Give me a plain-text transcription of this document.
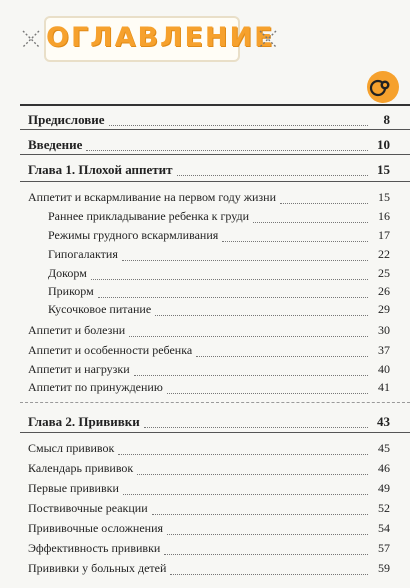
ОГЛАВЛЕНИЕ
Предисловие	8
Введение	10
Глава 1. Плохой аппетит	15
Аппетит и вскармливание на первом году жизни	15
Раннее прикладывание ребенка к груди	16
Режимы грудного вскармливания	17
Гипогалактия	22
Докорм	25
Прикорм	26
Кусочковое питание	29
Аппетит и болезни	30
Аппетит и особенности ребенка	37
Аппетит и нагрузки	40
Аппетит по принуждению	41
Глава 2. Прививки	43
Смысл прививок	45
Календарь прививок	46
Первые прививки	49
Поствивочные реакции	52
Прививочные осложнения	54
Эффективность прививки	57
Прививки у больных детей	59
